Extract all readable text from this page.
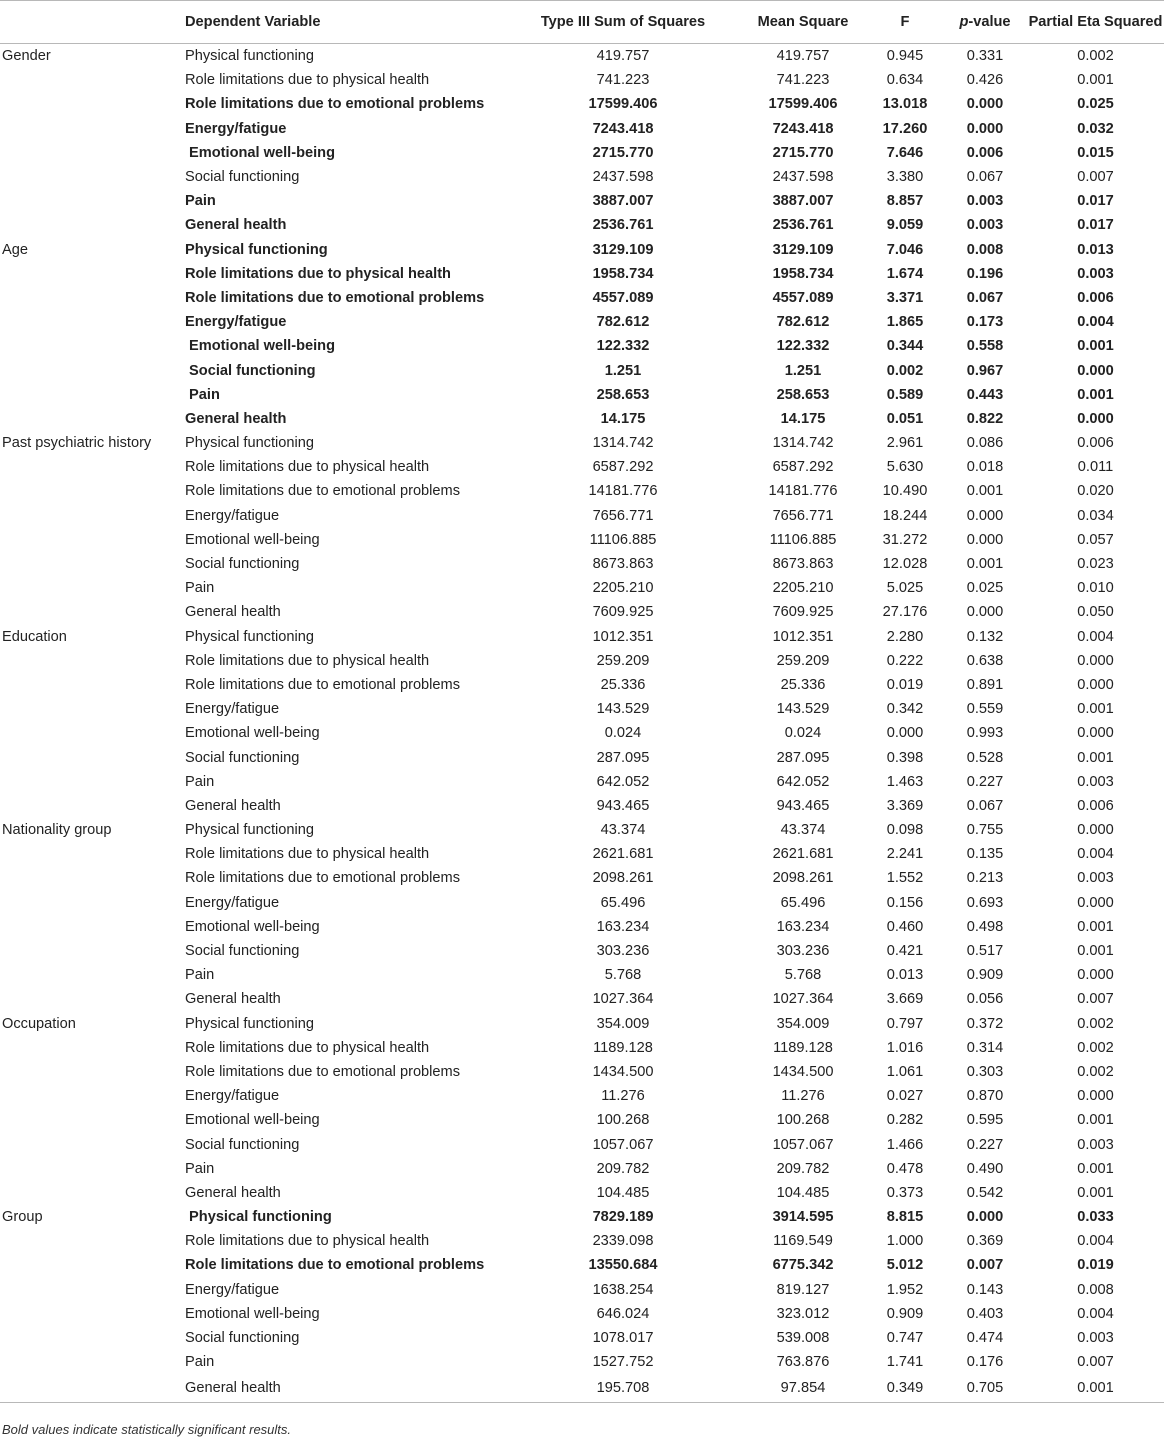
	Dependent Variable	Type III Sum of Squares	Mean Square	F	p-value	Partial Eta Squared
Gender	Physical functioning	419.757	419.757	0.945	0.331	0.002
	Role limitations due to physical health	741.223	741.223	0.634	0.426	0.001
	Role limitations due to emotional problems	17599.406	17599.406	13.018	0.000	0.025
	Energy/fatigue	7243.418	7243.418	17.260	0.000	0.032
	Emotional well-being	2715.770	2715.770	7.646	0.006	0.015
	Social functioning	2437.598	2437.598	3.380	0.067	0.007
	Pain	3887.007	3887.007	8.857	0.003	0.017
	General health	2536.761	2536.761	9.059	0.003	0.017
Age	Physical functioning	3129.109	3129.109	7.046	0.008	0.013
	Role limitations due to physical health	1958.734	1958.734	1.674	0.196	0.003
	Role limitations due to emotional problems	4557.089	4557.089	3.371	0.067	0.006
	Energy/fatigue	782.612	782.612	1.865	0.173	0.004
	Emotional well-being	122.332	122.332	0.344	0.558	0.001
	Social functioning	1.251	1.251	0.002	0.967	0.000
	Pain	258.653	258.653	0.589	0.443	0.001
	General health	14.175	14.175	0.051	0.822	0.000
Past psychiatric history	Physical functioning	1314.742	1314.742	2.961	0.086	0.006
	Role limitations due to physical health	6587.292	6587.292	5.630	0.018	0.011
	Role limitations due to emotional problems	14181.776	14181.776	10.490	0.001	0.020
	Energy/fatigue	7656.771	7656.771	18.244	0.000	0.034
	Emotional well-being	11106.885	11106.885	31.272	0.000	0.057
	Social functioning	8673.863	8673.863	12.028	0.001	0.023
	Pain	2205.210	2205.210	5.025	0.025	0.010
	General health	7609.925	7609.925	27.176	0.000	0.050
Education	Physical functioning	1012.351	1012.351	2.280	0.132	0.004
	Role limitations due to physical health	259.209	259.209	0.222	0.638	0.000
	Role limitations due to emotional problems	25.336	25.336	0.019	0.891	0.000
	Energy/fatigue	143.529	143.529	0.342	0.559	0.001
	Emotional well-being	0.024	0.024	0.000	0.993	0.000
	Social functioning	287.095	287.095	0.398	0.528	0.001
	Pain	642.052	642.052	1.463	0.227	0.003
	General health	943.465	943.465	3.369	0.067	0.006
Nationality group	Physical functioning	43.374	43.374	0.098	0.755	0.000
	Role limitations due to physical health	2621.681	2621.681	2.241	0.135	0.004
	Role limitations due to emotional problems	2098.261	2098.261	1.552	0.213	0.003
	Energy/fatigue	65.496	65.496	0.156	0.693	0.000
	Emotional well-being	163.234	163.234	0.460	0.498	0.001
	Social functioning	303.236	303.236	0.421	0.517	0.001
	Pain	5.768	5.768	0.013	0.909	0.000
	General health	1027.364	1027.364	3.669	0.056	0.007
Occupation	Physical functioning	354.009	354.009	0.797	0.372	0.002
	Role limitations due to physical health	1189.128	1189.128	1.016	0.314	0.002
	Role limitations due to emotional problems	1434.500	1434.500	1.061	0.303	0.002
	Energy/fatigue	11.276	11.276	0.027	0.870	0.000
	Emotional well-being	100.268	100.268	0.282	0.595	0.001
	Social functioning	1057.067	1057.067	1.466	0.227	0.003
	Pain	209.782	209.782	0.478	0.490	0.001
	General health	104.485	104.485	0.373	0.542	0.001
Group	Physical functioning	7829.189	3914.595	8.815	0.000	0.033
	Role limitations due to physical health	2339.098	1169.549	1.000	0.369	0.004
	Role limitations due to emotional problems	13550.684	6775.342	5.012	0.007	0.019
	Energy/fatigue	1638.254	819.127	1.952	0.143	0.008
	Emotional well-being	646.024	323.012	0.909	0.403	0.004
	Social functioning	1078.017	539.008	0.747	0.474	0.003
	Pain	1527.752	763.876	1.741	0.176	0.007
	General health	195.708	97.854	0.349	0.705	0.001
Bold values indicate statistically significant results.
